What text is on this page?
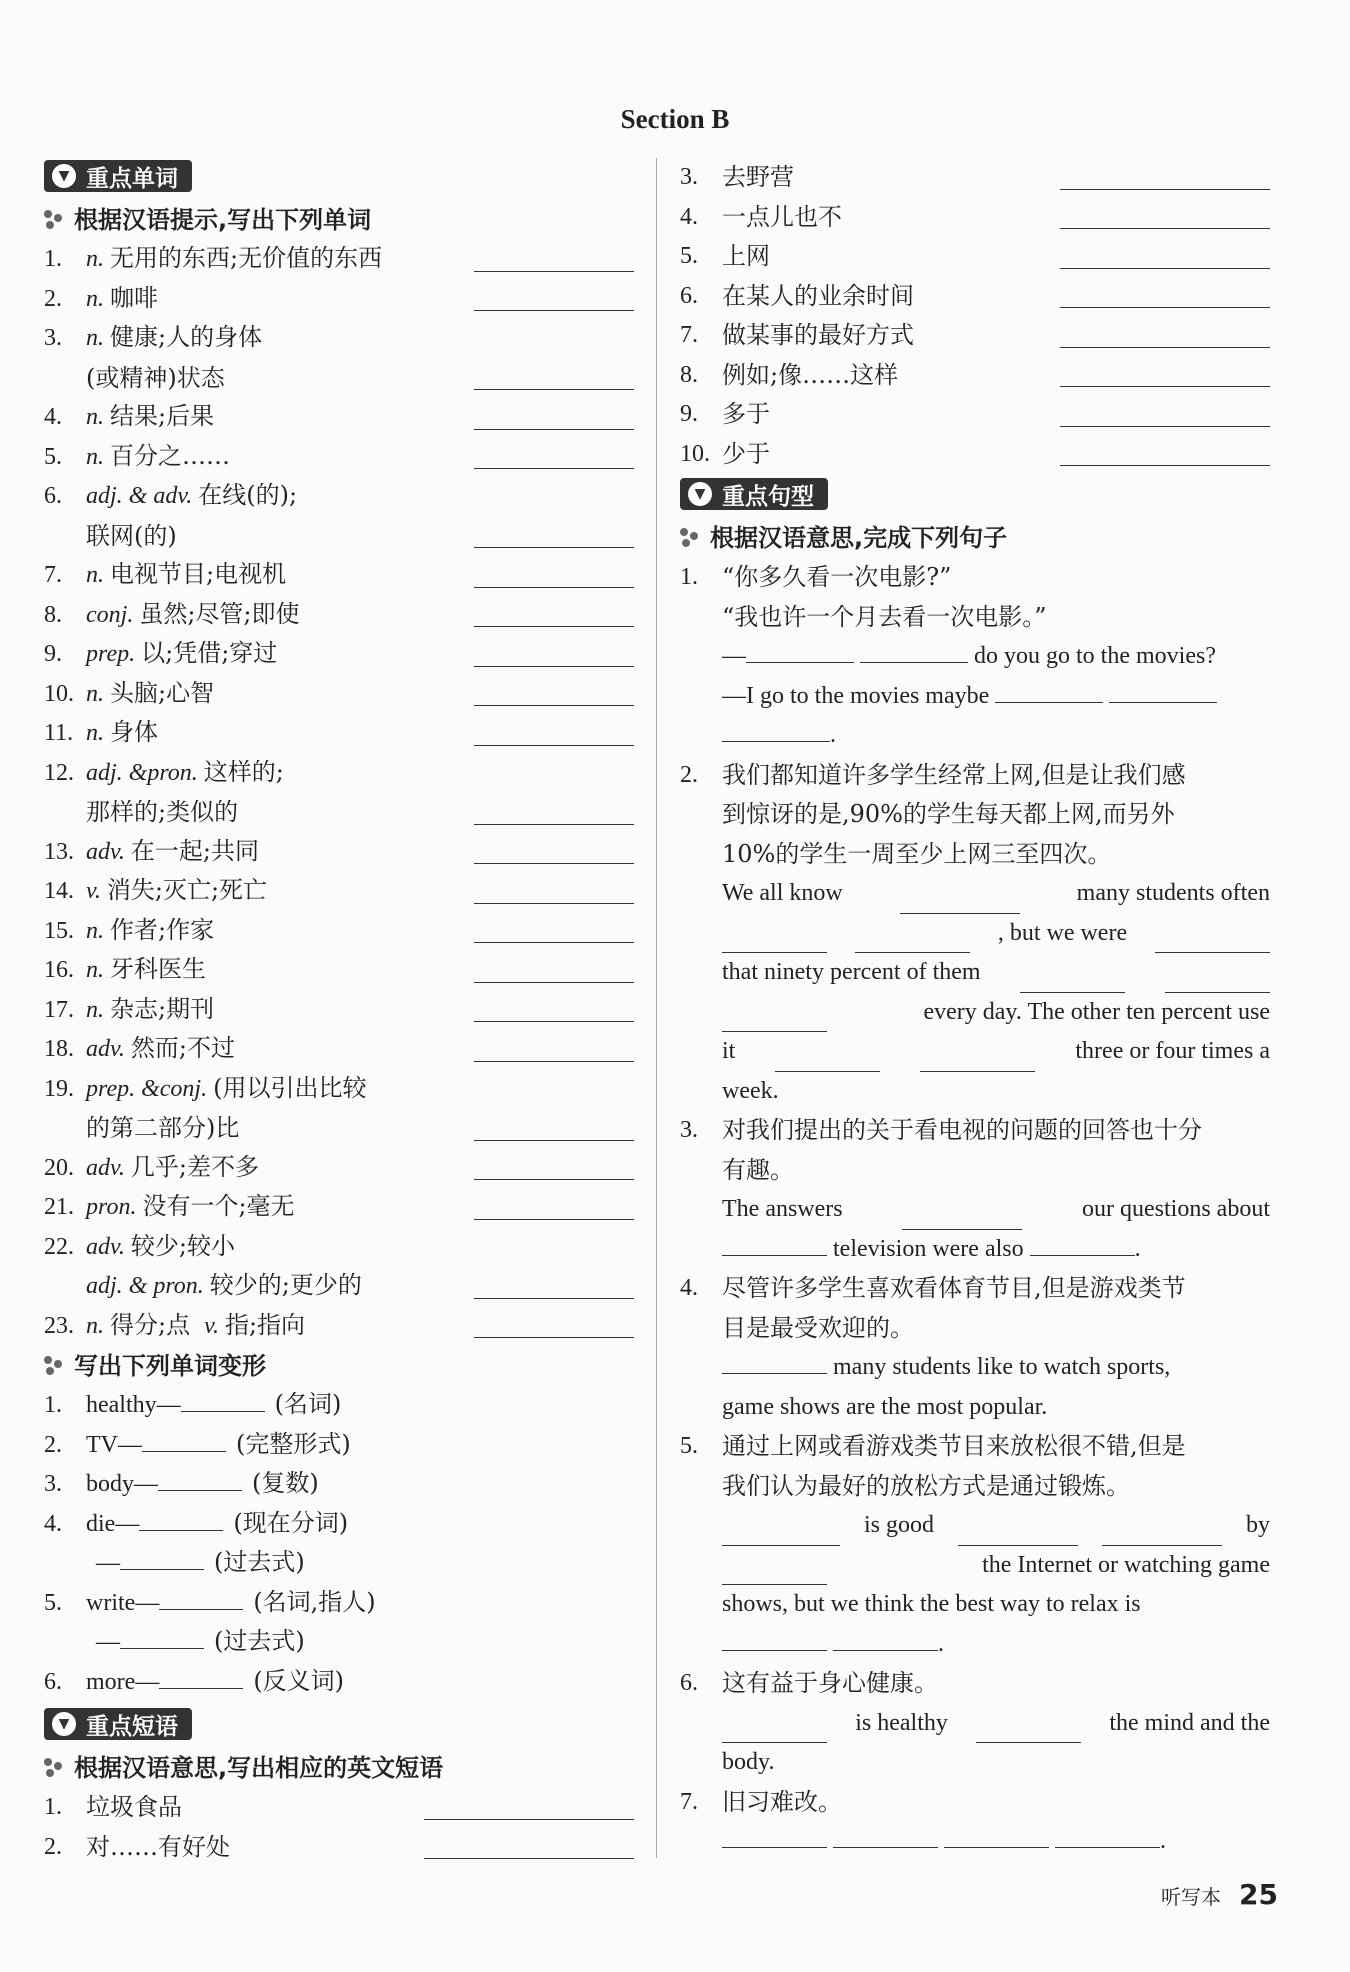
Section B
▼ 重点单词
根据汉语提示,写出下列单词
1.	n. 无用的东西;无价值的东西
2.	n. 咖啡
3.	n. 健康;人的身体
(或精神)状态
4.	n. 结果;后果
5.	n. 百分之……
6.	adj. & adv. 在线(的);
联网(的)
7.	n. 电视节目;电视机
8.	conj. 虽然;尽管;即使
9.	prep. 以;凭借;穿过
10. n. 头脑;心智
11. n. 身体
12. adj. &pron. 这样的;
那样的;类似的
13. adv. 在一起;共同
14. v. 消失;灭亡;死亡
15. n. 作者;作家
16. n. 牙科医生
17. n. 杂志;期刊
18. adv. 然而;不过
19. prep. &conj. (用以引出比较
的第二部分)比
20. adv. 几乎;差不多
21. pron. 没有一个;毫无
22. adv. 较少;较小
adj. & pron. 较少的;更少的
23. n. 得分;点 v. 指;指向
写出下列单词变形
1.	healthy—	(名词)
2.	TV—	(完整形式)
3.	body—	(复数)
4.	die—	(现在分词)
—	(过去式)
5.	write—	(名词,指人)
—	(过去式)
6.	more—	(反义词)
▼ 重点短语
根据汉语意思,写出相应的英文短语
1.	垃圾食品
2.	对……有好处
3.	去野营
4.	一点儿也不
5.	上网
6.	在某人的业余时间
7.	做某事的最好方式
8.	例如;像……这样
9.	多于
10. 少于
▼ 重点句型
根据汉语意思,完成下列句子
1.	“你多久看一次电影?”
“我也许一个月去看一次电影。”
—	do you go to the movies?
—I go to the movies maybe
.
2.	我们都知道许多学生经常上网,但是让我们感
到惊讶的是,90%的学生每天都上网,而另外
10%的学生一周至少上网三至四次。
We all know	many students often
, but we were
that ninety percent of them
every day. The other ten percent use
it	three or four times a
week.
3.	对我们提出的关于看电视的问题的回答也十分
有趣。
The answers	our questions about
television were also	.
4.	尽管许多学生喜欢看体育节目,但是游戏类节
目是最受欢迎的。
many students like to watch sports,
game shows are the most popular.
5.	通过上网或看游戏类节目来放松很不错,但是
我们认为最好的放松方式是通过锻炼。
is good	by
the Internet or watching game
shows, but we think the best way to relax is
.
6.	这有益于身心健康。
is healthy	the mind and the
body.
7.	旧习难改。
.
听写本 25
